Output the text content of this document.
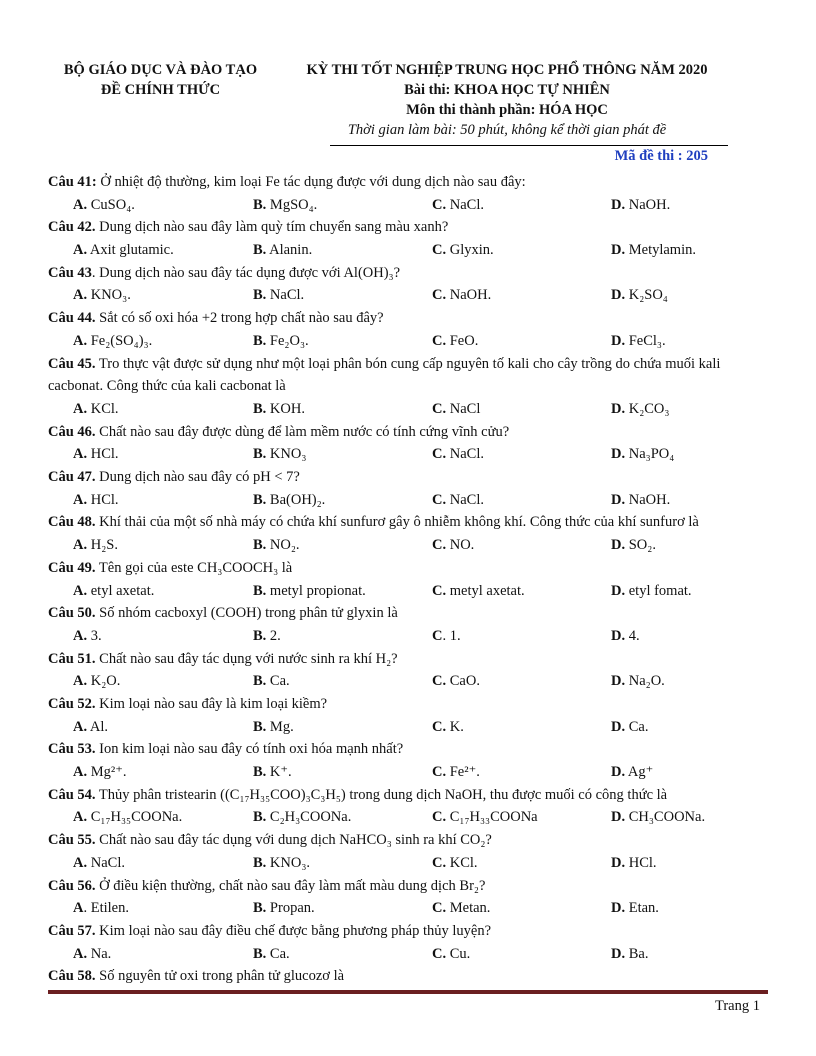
BỘ GIÁO DỤC VÀ ĐÀO TẠO
ĐỀ CHÍNH THỨC
KỲ THI TỐT NGHIỆP TRUNG HỌC PHỔ THÔNG NĂM 2020
Bài thi: KHOA HỌC TỰ NHIÊN
Môn thi thành phần: HÓA HỌC
Thời gian làm bài: 50 phút, không kể thời gian phát đề
Mã đề thi : 205
Câu 41: Ở nhiệt độ thường, kim loại Fe tác dụng được với dung dịch nào sau đây:
A. CuSO₄.	B. MgSO₄.	C. NaCl.	D. NaOH.
Câu 42. Dung dịch nào sau đây làm quỳ tím chuyển sang màu xanh?
A. Axit glutamic.	B. Alanin.	C. Glyxin.	D. Metylamin.
Câu 43. Dung dịch nào sau đây tác dụng được với Al(OH)₃?
A. KNO₃.	B. NaCl.	C. NaOH.	D. K₂SO₄
Câu 44. Sắt có số oxi hóa +2 trong hợp chất nào sau đây?
A. Fe₂(SO₄)₃.	B. Fe₂O₃.	C. FeO.	D. FeCl₃.
Câu 45. Tro thực vật được sử dụng như một loại phân bón cung cấp nguyên tố kali cho cây trồng do chứa muối kali cacbonat. Công thức của kali cacbonat là
A. KCl.	B. KOH.	C. NaCl	D. K₂CO₃
Câu 46. Chất nào sau đây được dùng để làm mềm nước có tính cứng vĩnh cửu?
A. HCl.	B. KNO₃	C. NaCl.	D. Na₃PO₄
Câu 47. Dung dịch nào sau đây có pH < 7?
A. HCl.	B. Ba(OH)₂.	C. NaCl.	D. NaOH.
Câu 48. Khí thải của một số nhà máy có chứa khí sunfurơ gây ô nhiễm không khí. Công thức của khí sunfurơ là
A. H₂S.	B. NO₂.	C. NO.	D. SO₂.
Câu 49. Tên gọi của este CH₃COOCH₃ là
A. etyl axetat.	B. metyl propionat.	C. metyl axetat.	D. etyl fomat.
Câu 50. Số nhóm cacboxyl (COOH) trong phân tử glyxin là
A. 3.	B. 2.	C. 1.	D. 4.
Câu 51. Chất nào sau đây tác dụng với nước sinh ra khí H₂?
A. K₂O.	B. Ca.	C. CaO.	D. Na₂O.
Câu 52. Kim loại nào sau đây là kim loại kiềm?
A. Al.	B. Mg.	C. K.	D. Ca.
Câu 53. Ion kim loại nào sau đây có tính oxi hóa mạnh nhất?
A. Mg²⁺.	B. K⁺.	C. Fe²⁺.	D. Ag⁺
Câu 54. Thủy phân tristearin ((C₁₇H₃₅COO)₃C₃H₅) trong dung dịch NaOH, thu được muối có công thức là
A. C₁₇H₃₅COONa.	B. C₂H₃COONa.	C. C₁₇H₃₃COONa	D. CH₃COONa.
Câu 55. Chất nào sau đây tác dụng với dung dịch NaHCO₃ sinh ra khí CO₂?
A. NaCl.	B. KNO₃.	C. KCl.	D. HCl.
Câu 56. Ở điều kiện thường, chất nào sau đây làm mất màu dung dịch Br₂?
A. Etilen.	B. Propan.	C. Metan.	D. Etan.
Câu 57. Kim loại nào sau đây điều chế được bằng phương pháp thủy luyện?
A. Na.	B. Ca.	C. Cu.	D. Ba.
Câu 58. Số nguyên tử oxi trong phân tử glucozơ là
Trang 1
